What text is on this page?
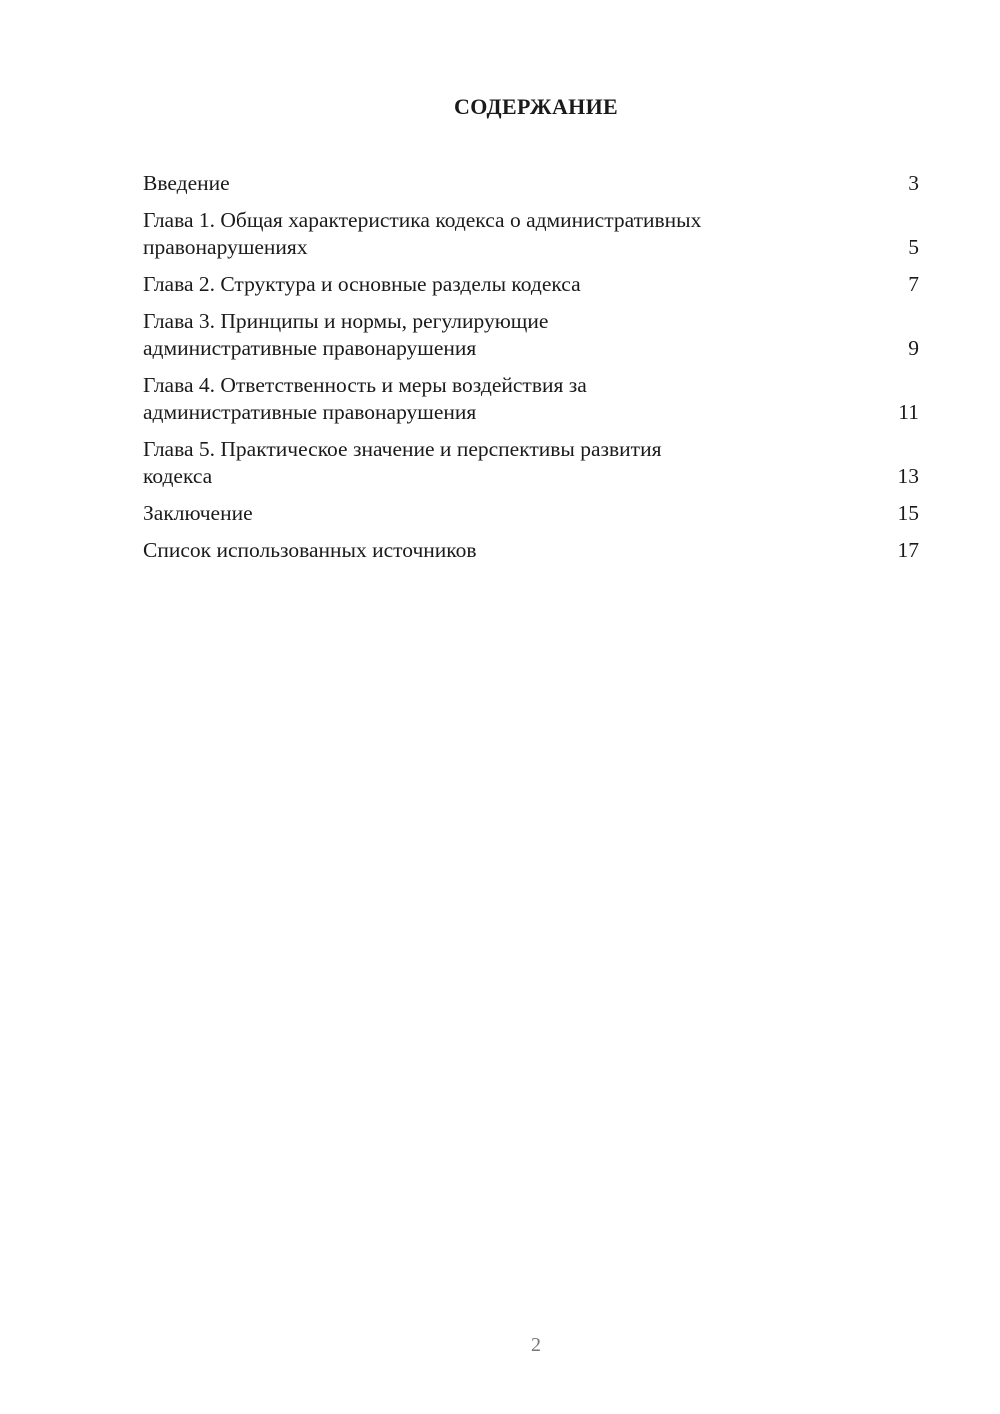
СОДЕРЖАНИЕ
Введение	3
Глава 1. Общая характеристика кодекса о административных
правонарушениях	5
Глава 2. Структура и основные разделы кодекса	7
Глава 3. Принципы и нормы, регулирующие
административные правонарушения	9
Глава 4. Ответственность и меры воздействия за
административные правонарушения	11
Глава 5. Практическое значение и перспективы развития
кодекса	13
Заключение	15
Список использованных источников	17
2
